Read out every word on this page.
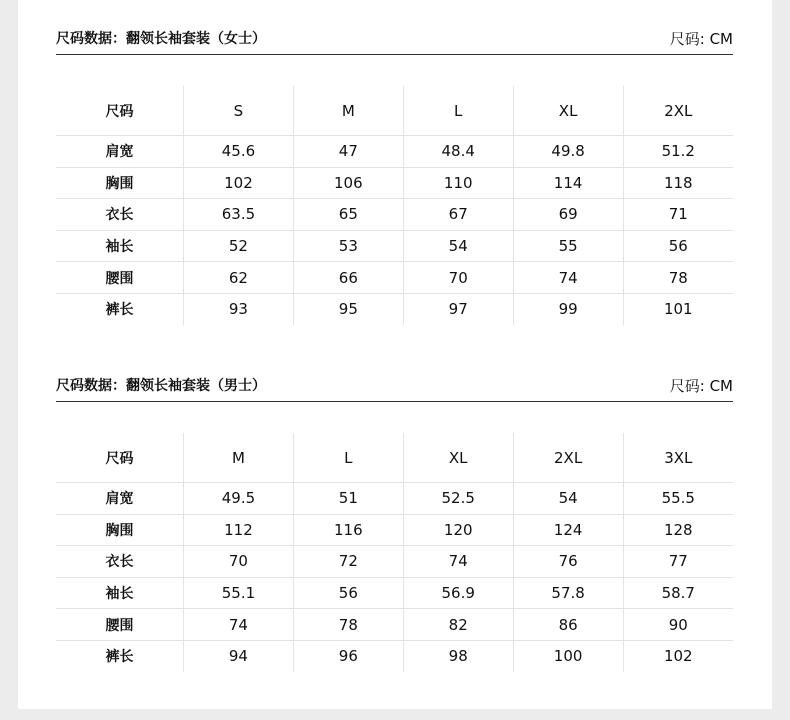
尺码数据：翻领长袖套装（女士）	尺码: CM
尺码	S	M	L	XL	2XL
肩宽	45.6	47	48.4	49.8	51.2
胸围	102	106	110	114	118
衣长	63.5	65	67	69	71
袖长	52	53	54	55	56
腰围	62	66	70	74	78
裤长	93	95	97	99	101
尺码数据：翻领长袖套装（男士）	尺码: CM
尺码	M	L	XL	2XL	3XL
肩宽	49.5	51	52.5	54	55.5
胸围	112	116	120	124	128
衣长	70	72	74	76	77
袖长	55.1	56	56.9	57.8	58.7
腰围	74	78	82	86	90
裤长	94	96	98	100	102
